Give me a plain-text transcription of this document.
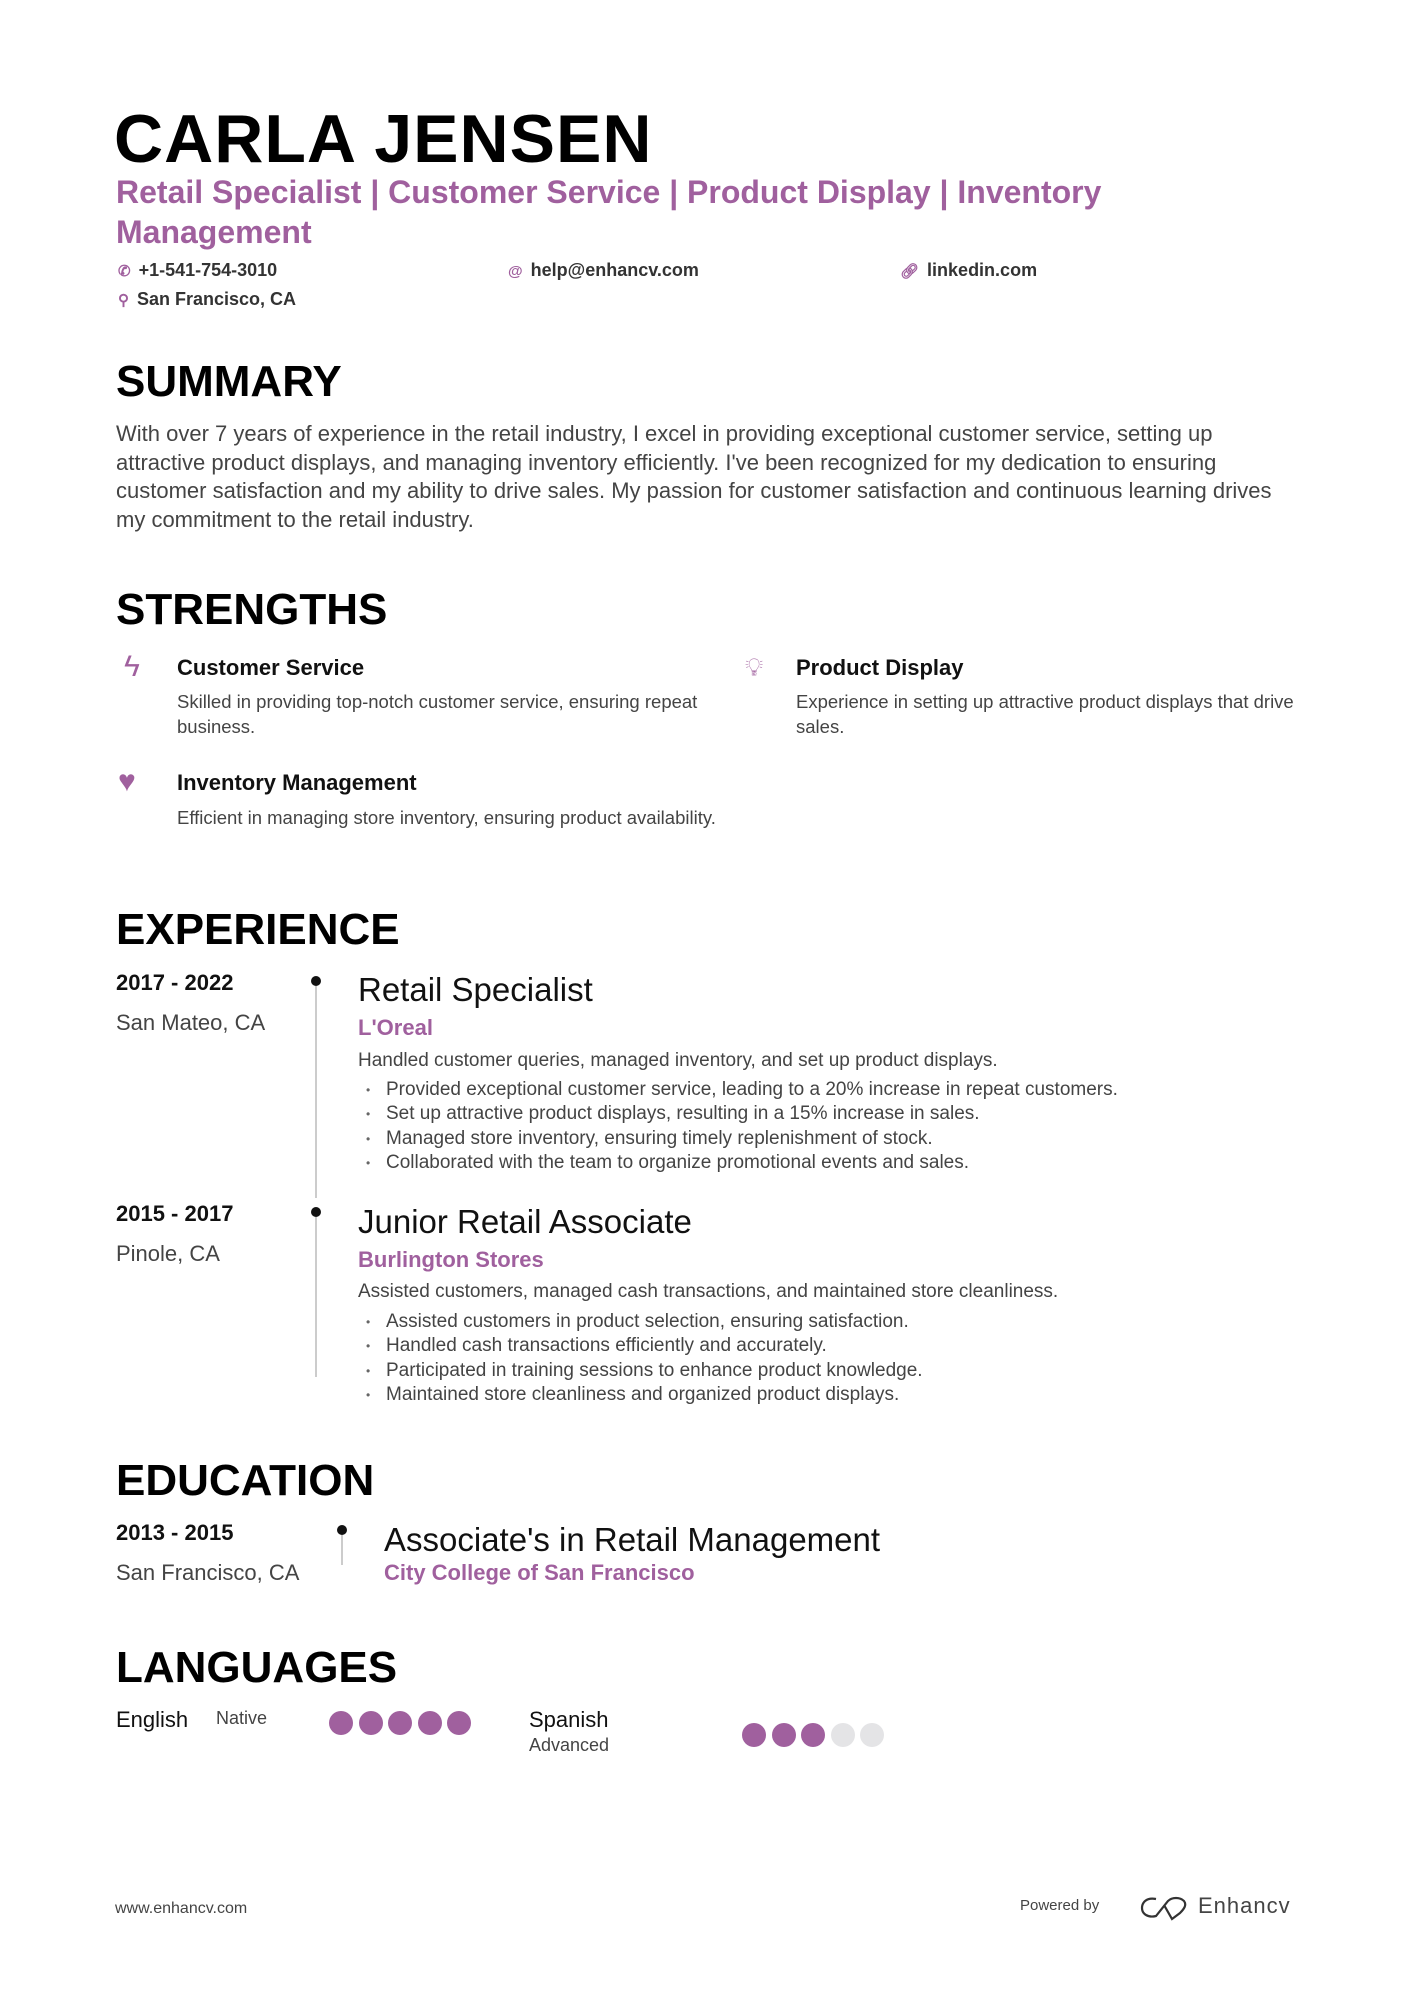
CARLA JENSEN
Retail Specialist | Customer Service | Product Display | Inventory Management
✆ +1-541-754-3010	@ help@enhancv.com	🔗︎ linkedin.com
⚲ San Francisco, CA
SUMMARY
With over 7 years of experience in the retail industry, I excel in providing exceptional customer service, setting up attractive product displays, and managing inventory efficiently. I've been recognized for my dedication to ensuring customer satisfaction and my ability to drive sales. My passion for customer satisfaction and continuous learning drives my commitment to the retail industry.
STRENGTHS
ϟ Customer Service
Skilled in providing top-notch customer service, ensuring repeat business.
💡︎ Product Display
Experience in setting up attractive product displays that drive sales.
♥ Inventory Management
Efficient in managing store inventory, ensuring product availability.
EXPERIENCE
2017 - 2022
San Mateo, CA
Retail Specialist
L'Oreal
Handled customer queries, managed inventory, and set up product displays.
• Provided exceptional customer service, leading to a 20% increase in repeat customers.
• Set up attractive product displays, resulting in a 15% increase in sales.
• Managed store inventory, ensuring timely replenishment of stock.
• Collaborated with the team to organize promotional events and sales.
2015 - 2017
Pinole, CA
Junior Retail Associate
Burlington Stores
Assisted customers, managed cash transactions, and maintained store cleanliness.
• Assisted customers in product selection, ensuring satisfaction.
• Handled cash transactions efficiently and accurately.
• Participated in training sessions to enhance product knowledge.
• Maintained store cleanliness and organized product displays.
EDUCATION
2013 - 2015
San Francisco, CA
Associate's in Retail Management
City College of San Francisco
LANGUAGES
English Native	Spanish
Advanced
www.enhancv.com	Powered by	Enhancv
